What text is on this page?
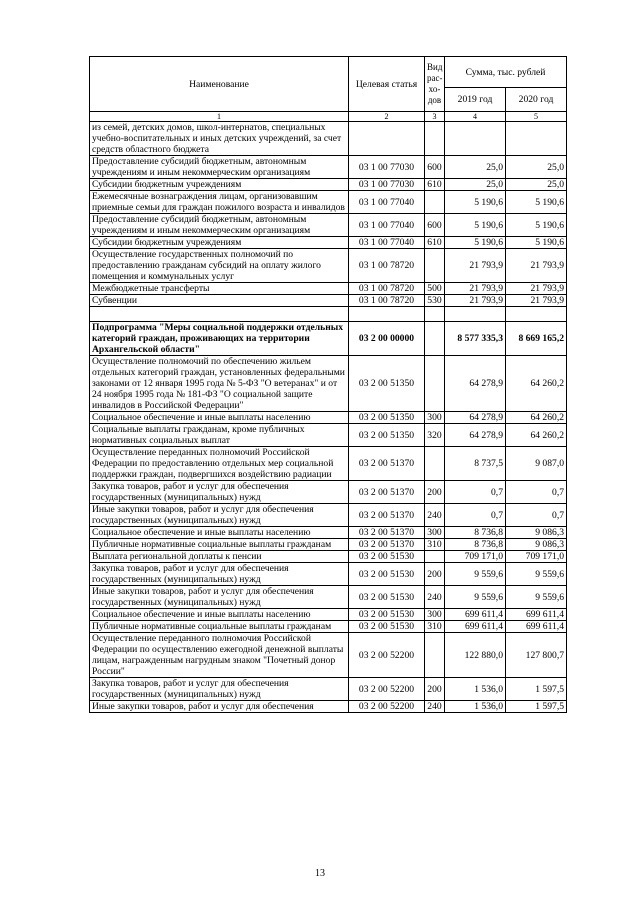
Наименование	Целевая статья	Вид рас-хо-дов	Сумма, тыс. рублей	
			2019 год	2020 год
1	2	3	4	5
из семей, детских домов, школ-интернатов, специальных учебно-воспитательных и иных детских учреждений, за счет средств областного бюджета				
Предоставление субсидий бюджетным, автономным учреждениям и иным некоммерческим организациям	03 1 00 77030	600	25,0	25,0
Субсидии бюджетным учреждениям	03 1 00 77030	610	25,0	25,0
Ежемесячные вознаграждения лицам, организовавшим приемные семьи для граждан пожилого возраста и инвалидов	03 1 00 77040		5 190,6	5 190,6
Предоставление субсидий бюджетным, автономным учреждениям и иным некоммерческим организациям	03 1 00 77040	600	5 190,6	5 190,6
Субсидии бюджетным учреждениям	03 1 00 77040	610	5 190,6	5 190,6
Осуществление государственных полномочий по предоставлению гражданам субсидий на оплату жилого помещения и коммунальных услуг	03 1 00 78720		21 793,9	21 793,9
Межбюджетные трансферты	03 1 00 78720	500	21 793,9	21 793,9
Субвенции	03 1 00 78720	530	21 793,9	21 793,9

Подпрограмма "Меры социальной поддержки отдельных категорий граждан, проживающих на территории Архангельской области"	03 2 00 00000		8 577 335,3	8 669 165,2
Осуществление полномочий по обеспечению жильем отдельных категорий граждан, установленных федеральными законами от 12 января 1995 года № 5-ФЗ "О ветеранах" и от 24 ноября 1995 года № 181-ФЗ "О социальной защите инвалидов в Российской Федерации"	03 2 00 51350		64 278,9	64 260,2
Социальное обеспечение и иные выплаты населению	03 2 00 51350	300	64 278,9	64 260,2
Социальные выплаты гражданам, кроме публичных нормативных социальных выплат	03 2 00 51350	320	64 278,9	64 260,2
Осуществление переданных полномочий Российской Федерации по предоставлению отдельных мер социальной поддержки граждан, подвергшихся воздействию радиации	03 2 00 51370		8 737,5	9 087,0
Закупка товаров, работ и услуг для обеспечения государственных (муниципальных) нужд	03 2 00 51370	200	0,7	0,7
Иные закупки товаров, работ и услуг для обеспечения государственных (муниципальных) нужд	03 2 00 51370	240	0,7	0,7
Социальное обеспечение и иные выплаты населению	03 2 00 51370	300	8 736,8	9 086,3
Публичные нормативные социальные выплаты гражданам	03 2 00 51370	310	8 736,8	9 086,3
Выплата региональной доплаты к пенсии	03 2 00 51530		709 171,0	709 171,0
Закупка товаров, работ и услуг для обеспечения государственных (муниципальных) нужд	03 2 00 51530	200	9 559,6	9 559,6
Иные закупки товаров, работ и услуг для обеспечения государственных (муниципальных) нужд	03 2 00 51530	240	9 559,6	9 559,6
Социальное обеспечение и иные выплаты населению	03 2 00 51530	300	699 611,4	699 611,4
Публичные нормативные социальные выплаты гражданам	03 2 00 51530	310	699 611,4	699 611,4
Осуществление переданного полномочия Российской Федерации по осуществлению ежегодной денежной выплаты лицам, награжденным нагрудным знаком "Почетный донор России"	03 2 00 52200		122 880,0	127 800,7
Закупка товаров, работ и услуг для обеспечения государственных (муниципальных) нужд	03 2 00 52200	200	1 536,0	1 597,5
Иные закупки товаров, работ и услуг для обеспечения	03 2 00 52200	240	1 536,0	1 597,5
13
